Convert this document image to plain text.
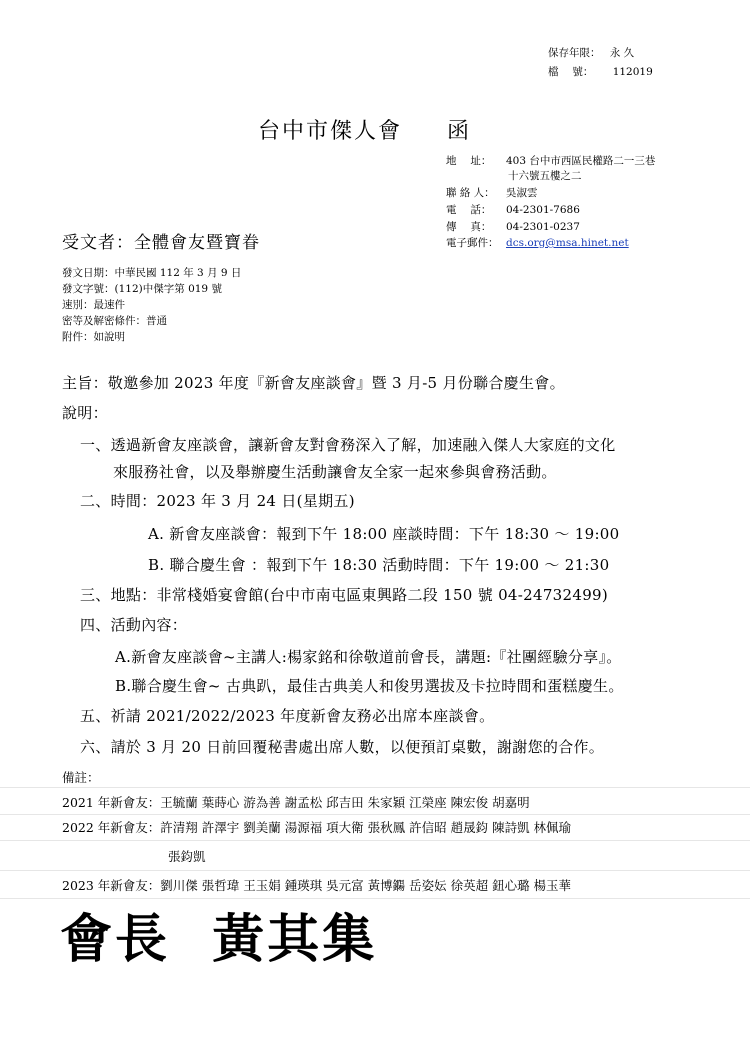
保存年限： 永 久
檔　 號： 112019
台中市傑人會 函
地　 址： 403 台中市西區民權路二一三巷
十六號五樓之二
聯 絡 人： 吳淑雲
電　 話： 04-2301-7686
傳　 真： 04-2301-0237
電子郵件： dcs.org@msa.hinet.net
受文者：全體會友暨寶眷
發文日期：中華民國 112 年 3 月 9 日
發文字號：(112)中傑字第 019 號
速別：最速件
密等及解密條件：普通
附件：如說明
主旨：敬邀參加 2023 年度『新會友座談會』暨 3 月-5 月份聯合慶生會。
說明：
一、透過新會友座談會，讓新會友對會務深入了解，加速融入傑人大家庭的文化
來服務社會，以及舉辦慶生活動讓會友全家一起來參與會務活動。
二、時間：2023 年 3 月 24 日(星期五)
A. 新會友座談會：報到下午 18:00 座談時間：下午 18:30 ～ 19:00
B. 聯合慶生會 ：報到下午 18:30 活動時間：下午 19:00 ～ 21:30
三、地點：非常棧婚宴會館(台中市南屯區東興路二段 150 號 04-24732499)
四、活動內容：
A.新會友座談會~主講人:楊家銘和徐敬道前會長，講題:『社團經驗分享』。
B.聯合慶生會~ 古典趴，最佳古典美人和俊男選拔及卡拉時間和蛋糕慶生。
五、祈請 2021/2022/2023 年度新會友務必出席本座談會。
六、請於 3 月 20 日前回覆秘書處出席人數，以便預訂桌數，謝謝您的合作。
備註：
2021 年新會友：王毓蘭 葉蒔心 游為善 謝孟松 邱吉田 朱家穎 江榮座 陳宏俊 胡嘉明
2022 年新會友：許清翔 許澤宇 劉美蘭 湯源福 項大衛 張秋鳳 許信昭 趙晟鈞 陳詩凱 林佩瑜
張鈞凱
2023 年新會友：劉川傑 張哲瑋 王玉娟 鍾瑛琪 吳元富 黃博鐊 岳姿妘 徐英超 鈕心璐 楊玉華
會長  黃其集
